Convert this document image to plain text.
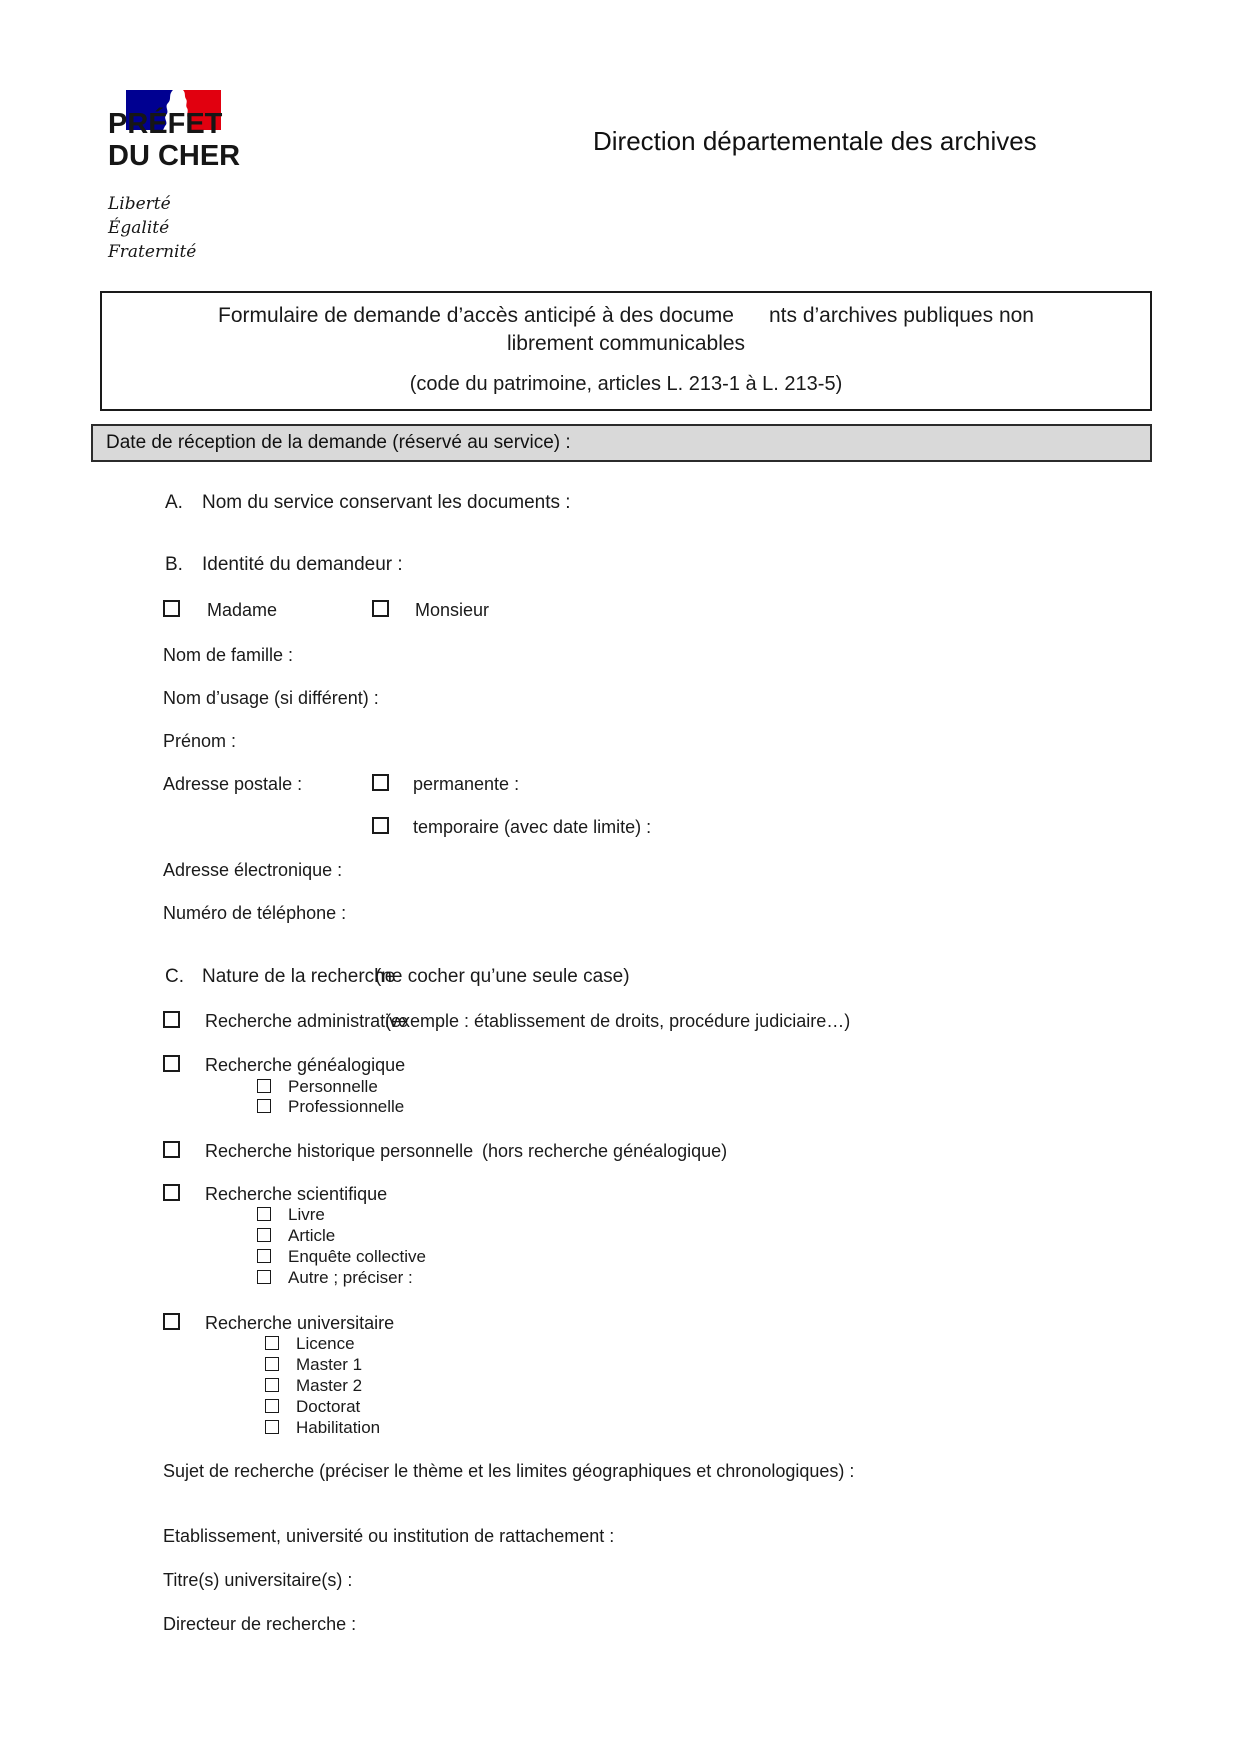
PRÉFET
DU CHER
Liberté
Égalité
Fraternité
Direction départementale des archives
Formulaire de demande d’accès anticipé à des docume      nts d’archives publiques non
librement communicables
(code du patrimoine, articles L. 213-1 à L. 213-5)
Date de réception de la demande (réservé au service) :
A. Nom du service conservant les documents :
B. Identité du demandeur :
Madame	Monsieur
Nom de famille :
Nom d’usage (si différent) :
Prénom :
Adresse postale :	permanente :
temporaire (avec date limite) :
Adresse électronique :
Numéro de téléphone :
C. Nature de la recherche
(ne cocher qu’une seule case)
Recherche administrative
(exemple : établissement de droits, procédure judiciaire…)
Recherche généalogique
Personnelle
Professionnelle
Recherche historique personnelle (hors recherche généalogique)
Recherche scientifique
Livre
Article
Enquête collective
Autre ; préciser :
Recherche universitaire
Licence
Master 1
Master 2
Doctorat
Habilitation
Sujet de recherche (préciser le thème et les limites géographiques et chronologiques) :
Etablissement, université ou institution de rattachement :
Titre(s) universitaire(s) :
Directeur de recherche :
